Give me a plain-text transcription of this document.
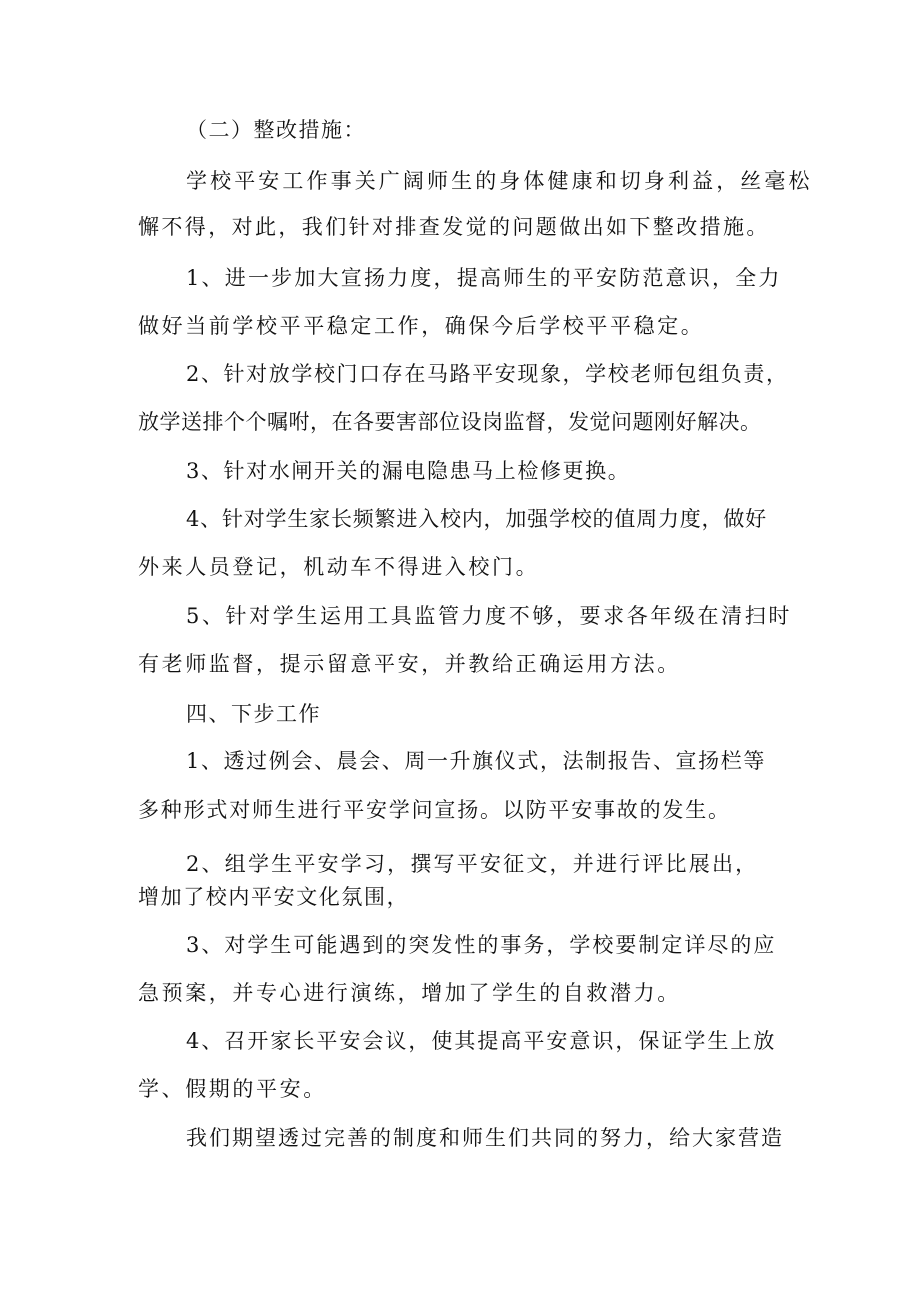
（二）整改措施：
学校平安工作事关广阔师生的身体健康和切身利益，丝毫松
懈不得，对此，我们针对排查发觉的问题做出如下整改措施。
1、进一步加大宣扬力度，提高师生的平安防范意识，全力
做好当前学校平平稳定工作，确保今后学校平平稳定。
2、针对放学校门口存在马路平安现象，学校老师包组负责，
放学送排个个嘱咐，在各要害部位设岗监督，发觉问题刚好解决。
3、针对水闸开关的漏电隐患马上检修更换。
4、针对学生家长频繁进入校内，加强学校的值周力度，做好
外来人员登记，机动车不得进入校门。
5、针对学生运用工具监管力度不够，要求各年级在清扫时
有老师监督，提示留意平安，并教给正确运用方法。
四、下步工作
1、透过例会、晨会、周一升旗仪式，法制报告、宣扬栏等
多种形式对师生进行平安学问宣扬。以防平安事故的发生。
2、组学生平安学习，撰写平安征文，并进行评比展出，
增加了校内平安文化氛围，
3、对学生可能遇到的突发性的事务，学校要制定详尽的应
急预案，并专心进行演练，增加了学生的自救潜力。
4、召开家长平安会议，使其提高平安意识，保证学生上放
学、假期的平安。
我们期望透过完善的制度和师生们共同的努力，给大家营造
